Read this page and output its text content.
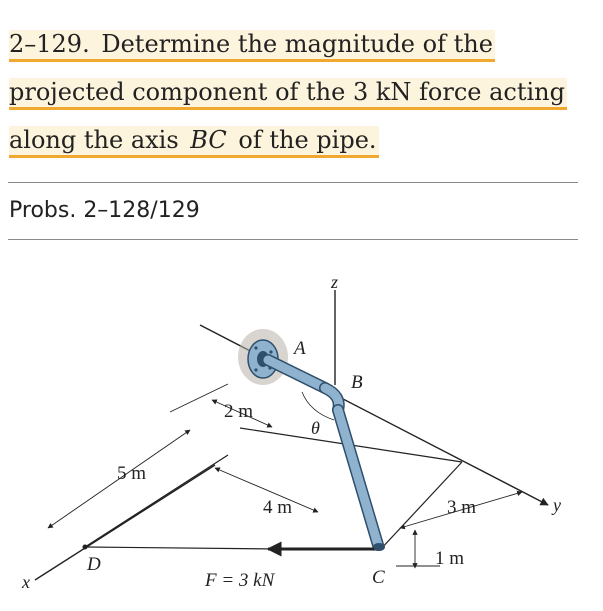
2–129. Determine the magnitude of the projected component of the 3 kN force acting along the axis BC of the pipe.
Probs. 2–128/129
z
x
y
A
B
C
D
θ
2 m
4 m
5 m
3 m
1 m
F = 3 kN
